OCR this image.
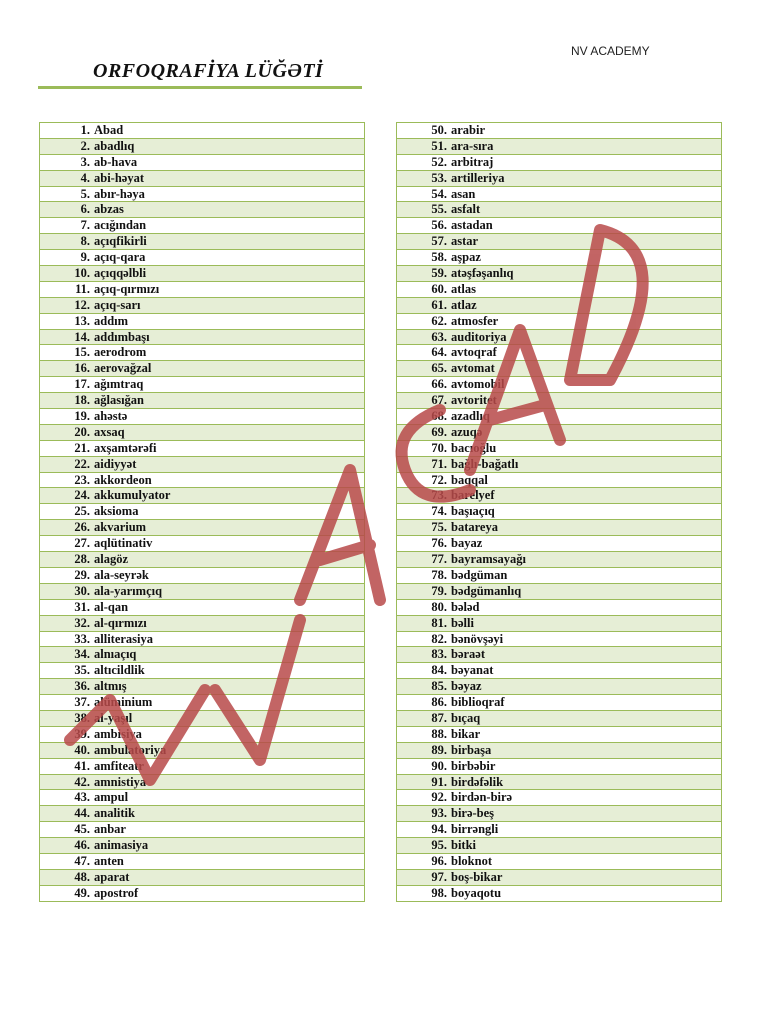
NV ACADEMY
ORFOQRAFİYA LÜĞƏTİ
1. Abad
2. abadlıq
3. ab-hava
4. abi-həyat
5. abır-həya
6. abzas
7. acığından
8. açıqfikirli
9. açıq-qara
10. açıqqəlbli
11. açıq-qırmızı
12. açıq-sarı
13. addım
14. addımbaşı
15. aerodrom
16. aerovağzal
17. ağımtraq
18. ağlasığan
19. ahəstə
20. axsaq
21. axşamtərəfi
22. aidiyyət
23. akkordeon
24. akkumulyator
25. aksioma
26. akvarium
27. aqlütinativ
28. alagöz
29. ala-seyrək
30. ala-yarımçıq
31. al-qan
32. al-qırmızı
33. alliterasiya
34. alnıaçıq
35. altıcildlik
36. altmış
37. alüminium
38. al-yaşıl
39. ambisiya
40. ambulatoriya
41. amfiteatr
42. amnistiya
43. ampul
44. analitik
45. anbar
46. animasiya
47. anten
48. aparat
49. apostrof
50. arabir
51. ara-sıra
52. arbitraj
53. artilleriya
54. asan
55. asfalt
56. astadan
57. astar
58. aşpaz
59. atəşfəşanlıq
60. atlas
61. atlaz
62. atmosfer
63. auditoriya
64. avtoqraf
65. avtomat
66. avtomobil
67. avtoritet
68. azadlıq
69. azuqə
70. bacıoğlu
71. bağlı-bağatlı
72. baqqal
73. barelyef
74. başıaçıq
75. batareya
76. bayaz
77. bayramsayağı
78. bədgüman
79. bədgümanlıq
80. bələd
81. bəlli
82. bənövşəyi
83. bəraət
84. bəyanat
85. bəyaz
86. biblioqraf
87. bıçaq
88. bikar
89. birbaşa
90. birbəbir
91. birdəfəlik
92. birdən-birə
93. birə-beş
94. birrəngli
95. bitki
96. bloknot
97. boş-bikar
98. boyaqotu
